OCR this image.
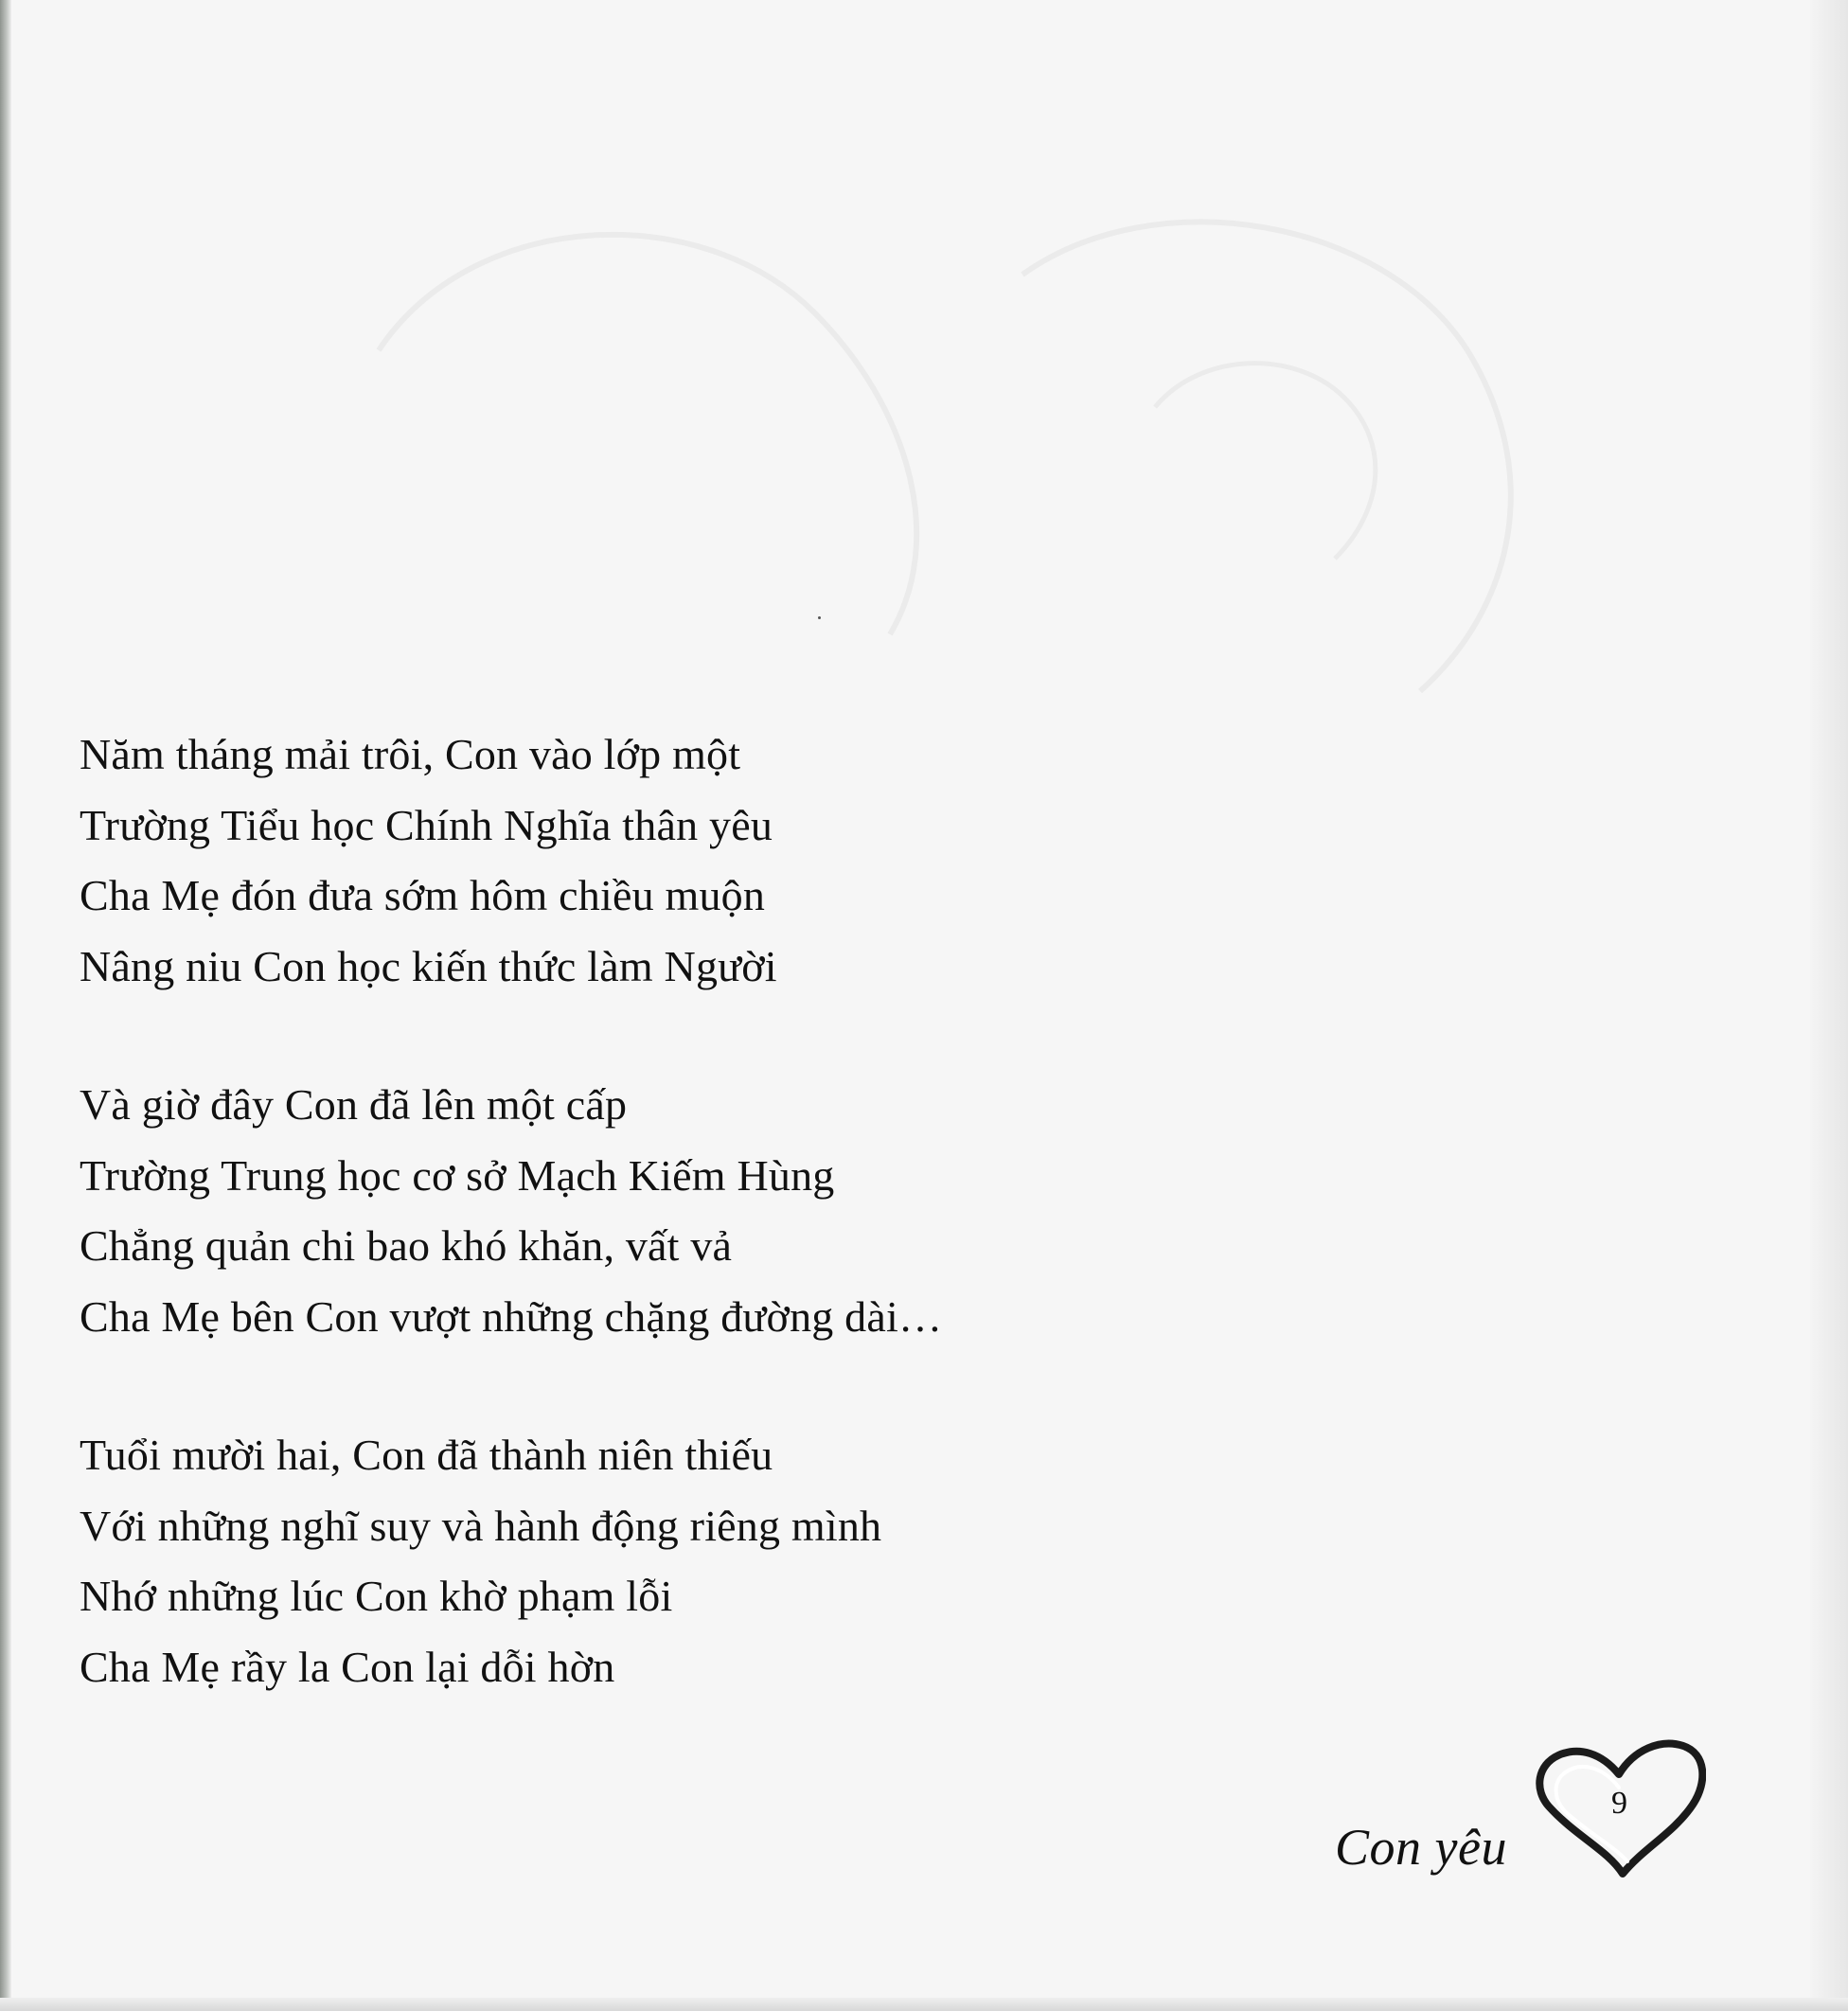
Năm tháng mải trôi, Con vào lớp một
Trường Tiểu học Chính Nghĩa thân yêu
Cha Mẹ đón đưa sớm hôm chiều muộn
Nâng niu Con học kiến thức làm Người
Và giờ đây Con đã lên một cấp
Trường Trung học cơ sở Mạch Kiếm Hùng
Chẳng quản chi bao khó khăn, vất vả
Cha Mẹ bên Con vượt những chặng đường dài…
Tuổi mười hai, Con đã thành niên thiếu
Với những nghĩ suy và hành động riêng mình
Nhớ những lúc Con khờ phạm lỗi
Cha Mẹ rầy la Con lại dỗi hờn
Con yêu
9
